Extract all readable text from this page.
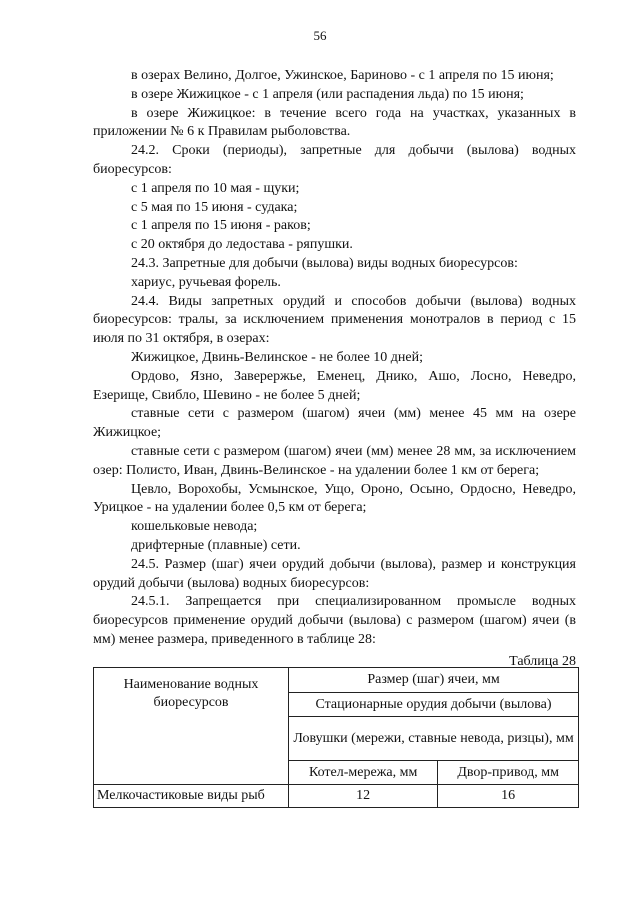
56

в озерах Велино, Долгое, Ужинское, Бариново - с 1 апреля по 15 июня;

в озере Жижицкое - с 1 апреля (или распадения льда) по 15 июня;

в озере Жижицкое: в течение всего года на участках, указанных в приложении № 6 к Правилам рыболовства.

24.2. Сроки (периоды), запретные для добычи (вылова) водных биоресурсов:

с 1 апреля по 10 мая - щуки;

с 5 мая по 15 июня - судака;

с 1 апреля по 15 июня - раков;

с 20 октября до ледостава - ряпушки.

24.3. Запретные для добычи (вылова) виды водных биоресурсов:

хариус, ручьевая форель.

24.4. Виды запретных орудий и способов добычи (вылова) водных биоресурсов: тралы, за исключением применения монотралов в период с 15 июля по 31 октября, в озерах:

Жижицкое, Двинь-Велинское - не более 10 дней;

Ордово, Язно, Заверержье, Еменец, Днико, Ашо, Лосно, Неведро, Езерище, Свибло, Шевино - не более 5 дней;

ставные сети с размером (шагом) ячеи (мм) менее 45 мм на озере Жижицкое;

ставные сети с размером (шагом) ячеи (мм) менее 28 мм, за исключением озер: Полисто, Иван, Двинь-Велинское - на удалении более 1 км от берега;

Цевло, Ворохобы, Усмынское, Ущо, Ороно, Осыно, Ордосно, Неведро, Урицкое - на удалении более 0,5 км от берега;

кошельковые невода;

дрифтерные (плавные) сети.

24.5. Размер (шаг) ячеи орудий добычи (вылова), размер и конструкция орудий добычи (вылова) водных биоресурсов:

24.5.1. Запрещается при специализированном промысле водных биоресурсов применение орудий добычи (вылова) с размером (шагом) ячеи (в мм) менее размера, приведенного в таблице 28:

Таблица 28

Наименование водных биоресурсов	Размер (шаг) ячеи, мм	
	Стационарные орудия добычи (вылова)	
	Ловушки (мережи, ставные невода, ризцы), мм	
	Котел-мережа, мм	Двор-привод, мм
Мелкочастиковые виды рыб	12	16
